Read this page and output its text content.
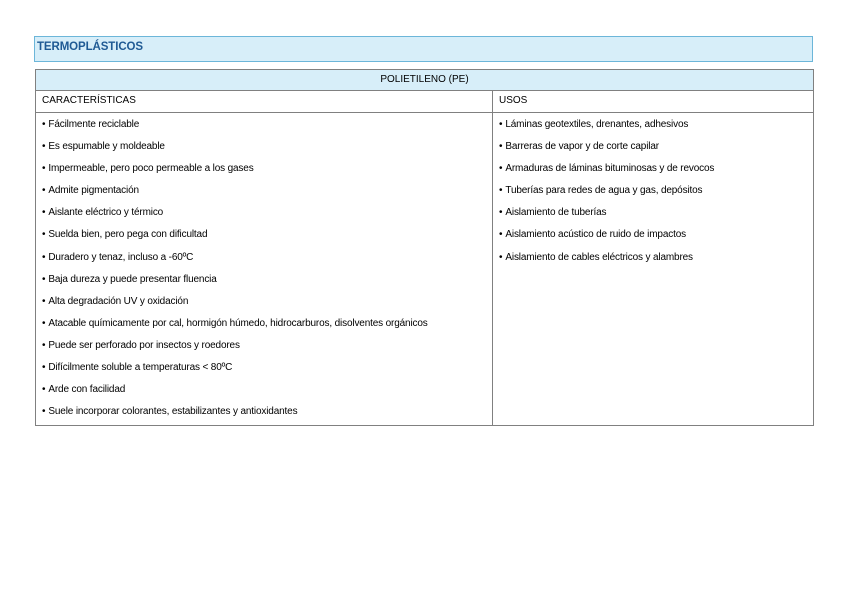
TERMOPLÁSTICOS
POLIETILENO (PE)
CARACTERÍSTICAS	USOS
• Fácilmente reciclable
• Es espumable y moldeable
• Impermeable, pero poco permeable a los gases
• Admite pigmentación
• Aislante eléctrico y térmico
• Suelda bien, pero pega con dificultad
• Duradero y tenaz, incluso a -60ºC
• Baja dureza y puede presentar fluencia
• Alta degradación UV y oxidación
• Atacable químicamente por cal, hormigón húmedo, hidrocarburos, disolventes orgánicos
• Puede ser perforado por insectos y roedores
• Difícilmente soluble a temperaturas < 80ºC
• Arde con facilidad
• Suele incorporar colorantes, estabilizantes y antioxidantes
• Láminas geotextiles, drenantes, adhesivos
• Barreras de vapor y de corte capilar
• Armaduras de láminas bituminosas y de revocos
• Tuberías para redes de agua y gas, depósitos
• Aislamiento de tuberías
• Aislamiento acústico de ruido de impactos
• Aislamiento de cables eléctricos y alambres
